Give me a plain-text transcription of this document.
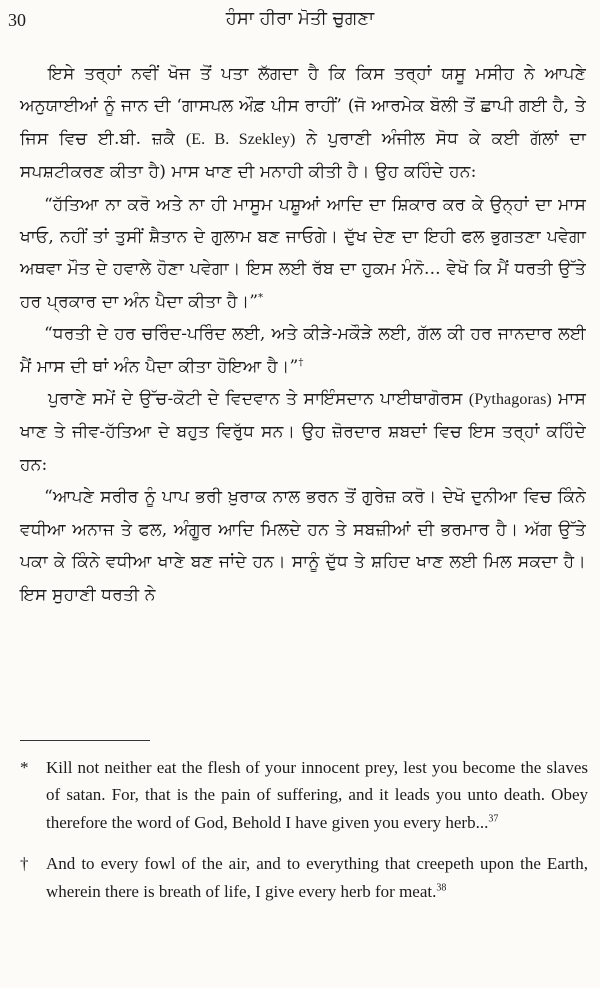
30	ਹੰਸਾ ਹੀਰਾ ਮੋਤੀ ਚੁਗਣਾ

ਇਸੇ ਤਰ੍ਹਾਂ ਨਵੀਂ ਖੋਜ ਤੋਂ ਪਤਾ ਲੱਗਦਾ ਹੈ ਕਿ ਕਿਸ ਤਰ੍ਹਾਂ ਯਸੂ ਮਸੀਹ ਨੇ ਆਪਣੇ ਅਨੁਯਾਈਆਂ ਨੂੰ ਜਾਨ ਦੀ ‘ਗਾਸਪਲ ਔਫ਼ ਪੀਸ ਰਾਹੀਂ’ (ਜੋ ਆਰਮੇਕ ਬੋਲੀ ਤੋਂ ਛਾਪੀ ਗਈ ਹੈ, ਤੇ ਜਿਸ ਵਿਚ ਈ.ਬੀ. ਜ਼ਕੈ (E. B. Szekley) ਨੇ ਪੁਰਾਣੀ ਅੰਜੀਲ ਸੋਧ ਕੇ ਕਈ ਗੱਲਾਂ ਦਾ ਸਪਸ਼ਟੀਕਰਣ ਕੀਤਾ ਹੈ) ਮਾਸ ਖਾਣ ਦੀ ਮਨਾਹੀ ਕੀਤੀ ਹੈ। ਉਹ ਕਹਿੰਦੇ ਹਨ:

“ਹੱਤਿਆ ਨਾ ਕਰੋ ਅਤੇ ਨਾ ਹੀ ਮਾਸੂਮ ਪਸ਼ੂਆਂ ਆਦਿ ਦਾ ਸ਼ਿਕਾਰ ਕਰ ਕੇ ਉਨ੍ਹਾਂ ਦਾ ਮਾਸ ਖਾਓ, ਨਹੀਂ ਤਾਂ ਤੁਸੀਂ ਸ਼ੈਤਾਨ ਦੇ ਗੁਲਾਮ ਬਣ ਜਾਓਗੇ। ਦੁੱਖ ਦੇਣ ਦਾ ਇਹੀ ਫਲ ਭੁਗਤਣਾ ਪਵੇਗਾ ਅਥਵਾ ਮੌਤ ਦੇ ਹਵਾਲੇ ਹੋਣਾ ਪਵੇਗਾ। ਇਸ ਲਈ ਰੱਬ ਦਾ ਹੁਕਮ ਮੰਨੋ... ਵੇਖੋ ਕਿ ਮੈਂ ਧਰਤੀ ਉੱਤੇ ਹਰ ਪ੍ਰਕਾਰ ਦਾ ਅੰਨ ਪੈਦਾ ਕੀਤਾ ਹੈ।”*

“ਧਰਤੀ ਦੇ ਹਰ ਚਰਿੰਦ-ਪਰਿੰਦ ਲਈ, ਅਤੇ ਕੀੜੇ-ਮਕੌੜੇ ਲਈ, ਗੱਲ ਕੀ ਹਰ ਜਾਨਦਾਰ ਲਈ ਮੈਂ ਮਾਸ ਦੀ ਥਾਂ ਅੰਨ ਪੈਦਾ ਕੀਤਾ ਹੋਇਆ ਹੈ।”†

ਪੁਰਾਣੇ ਸਮੇਂ ਦੇ ਉੱਚ-ਕੋਟੀ ਦੇ ਵਿਦਵਾਨ ਤੇ ਸਾਇੰਸਦਾਨ ਪਾਈਥਾਗੋਰਸ (Pythagoras) ਮਾਸ ਖਾਣ ਤੇ ਜੀਵ-ਹੱਤਿਆ ਦੇ ਬਹੁਤ ਵਿਰੁੱਧ ਸਨ। ਉਹ ਜ਼ੋਰਦਾਰ ਸ਼ਬਦਾਂ ਵਿਚ ਇਸ ਤਰ੍ਹਾਂ ਕਹਿੰਦੇ ਹਨ:

“ਆਪਣੇ ਸਰੀਰ ਨੂੰ ਪਾਪ ਭਰੀ ਖ਼ੁਰਾਕ ਨਾਲ ਭਰਨ ਤੋਂ ਗੁਰੇਜ਼ ਕਰੋ। ਦੇਖੋ ਦੁਨੀਆ ਵਿਚ ਕਿੰਨੇ ਵਧੀਆ ਅਨਾਜ ਤੇ ਫਲ, ਅੰਗੂਰ ਆਦਿ ਮਿਲਦੇ ਹਨ ਤੇ ਸਬਜ਼ੀਆਂ ਦੀ ਭਰਮਾਰ ਹੈ। ਅੱਗ ਉੱਤੇ ਪਕਾ ਕੇ ਕਿੰਨੇ ਵਧੀਆ ਖਾਣੇ ਬਣ ਜਾਂਦੇ ਹਨ। ਸਾਨੂੰ ਦੁੱਧ ਤੇ ਸ਼ਹਿਦ ਖਾਣ ਲਈ ਮਿਲ ਸਕਦਾ ਹੈ। ਇਸ ਸੁਹਾਣੀ ਧਰਤੀ ਨੇ

*	Kill not neither eat the flesh of your innocent prey, lest you become the slaves of satan. For, that is the pain of suffering, and it leads you unto death. Obey therefore the word of God, Behold I have given you every herb...$^{37}$
†	And to every fowl of the air, and to everything that creepeth upon the Earth, wherein there is breath of life, I give every herb for meat.$^{38}$
